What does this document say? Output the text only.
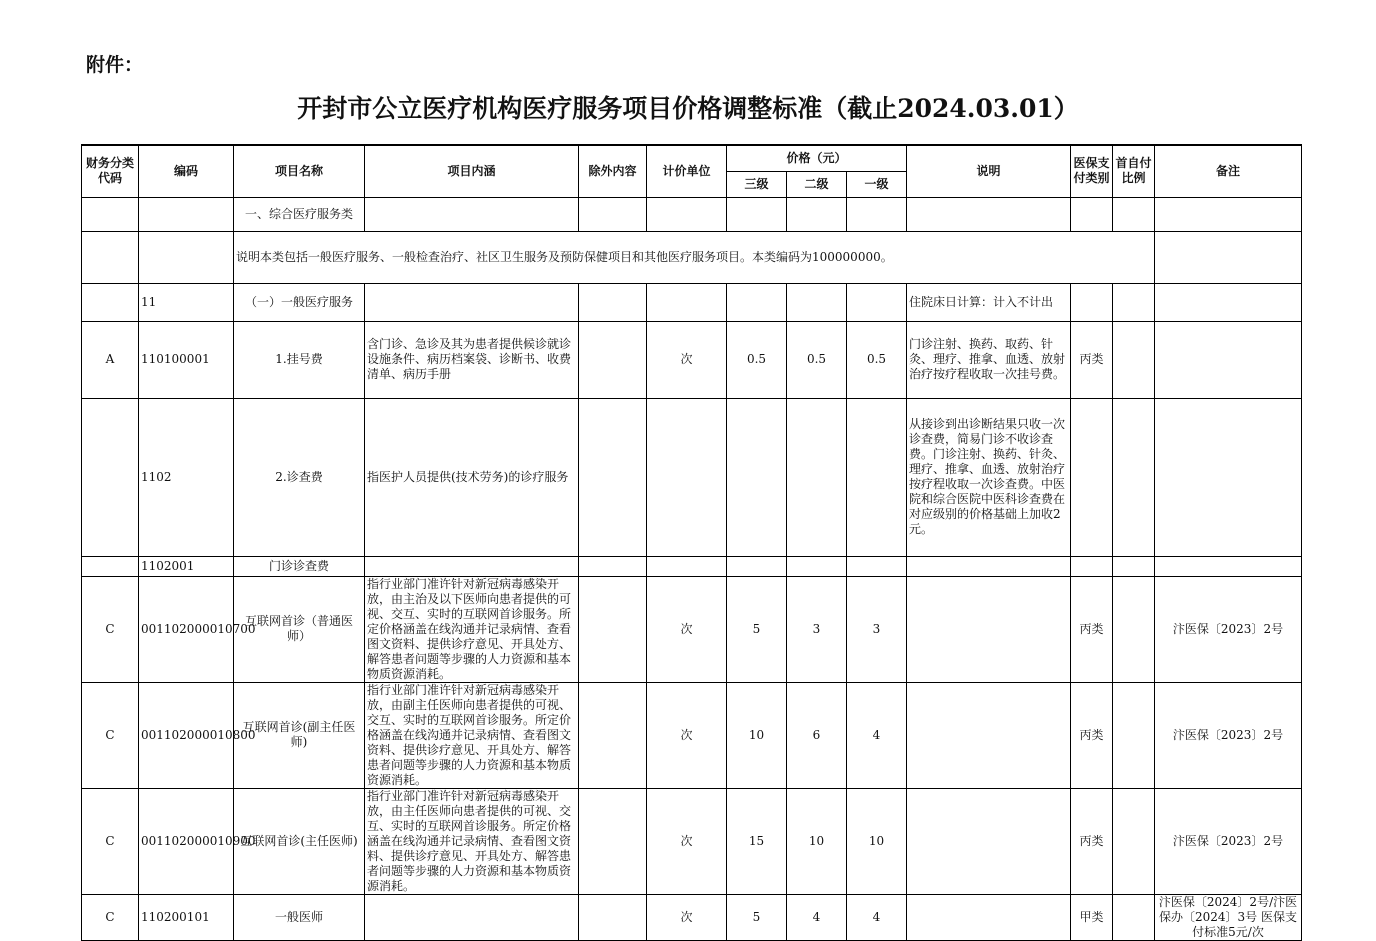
附件：
开封市公立医疗机构医疗服务项目价格调整标准（截止2024.03.01）
财务分类代码	编码	项目名称	项目内涵	除外内容	计价单位	价格（元）			说明	医保支付类别	首自付比例	备注
						三级	二级	一级				
		一、综合医疗服务类										
		说明本类包括一般医疗服务、一般检查治疗、社区卫生服务及预防保健项目和其他医疗服务项目。本类编码为100000000。										
	11	（一）一般医疗服务							住院床日计算：计入不计出			
A	110100001	1.挂号费	含门诊、急诊及其为患者提供候诊就诊设施条件、病历档案袋、诊断书、收费清单、病历手册		次	0.5	0.5	0.5	门诊注射、换药、取药、针灸、理疗、推拿、血透、放射治疗按疗程收取一次挂号费。	丙类		
	1102	2.诊查费	指医护人员提供(技术劳务)的诊疗服务						从接诊到出诊断结果只收一次诊查费，简易门诊不收诊查费。门诊注射、换药、针灸、理疗、推拿、血透、放射治疗按疗程收取一次诊查费。中医院和综合医院中医科诊查费在对应级别的价格基础上加收2元。			
	1102001	门诊诊查费										
C	001102000010700	互联网首诊（普通医师）	指行业部门准许针对新冠病毒感染开放，由主治及以下医师向患者提供的可视、交互、实时的互联网首诊服务。所定价格涵盖在线沟通并记录病情、查看图文资料、提供诊疗意见、开具处方、解答患者问题等步骤的人力资源和基本物质资源消耗。		次	5	3	3		丙类		汴医保〔2023〕2号
C	001102000010800	互联网首诊(副主任医师)	指行业部门准许针对新冠病毒感染开放，由副主任医师向患者提供的可视、交互、实时的互联网首诊服务。所定价格涵盖在线沟通并记录病情、查看图文资料、提供诊疗意见、开具处方、解答患者问题等步骤的人力资源和基本物质资源消耗。		次	10	6	4		丙类		汴医保〔2023〕2号
C	001102000010900	互联网首诊(主任医师)	指行业部门准许针对新冠病毒感染开放，由主任医师向患者提供的可视、交互、实时的互联网首诊服务。所定价格涵盖在线沟通并记录病情、查看图文资料、提供诊疗意见、开具处方、解答患者问题等步骤的人力资源和基本物质资源消耗。		次	15	10	10		丙类		汴医保〔2023〕2号
C	110200101	一般医师			次	5	4	4		甲类		汴医保〔2024〕2号/汴医保办〔2024〕3号 医保支付标准5元/次
